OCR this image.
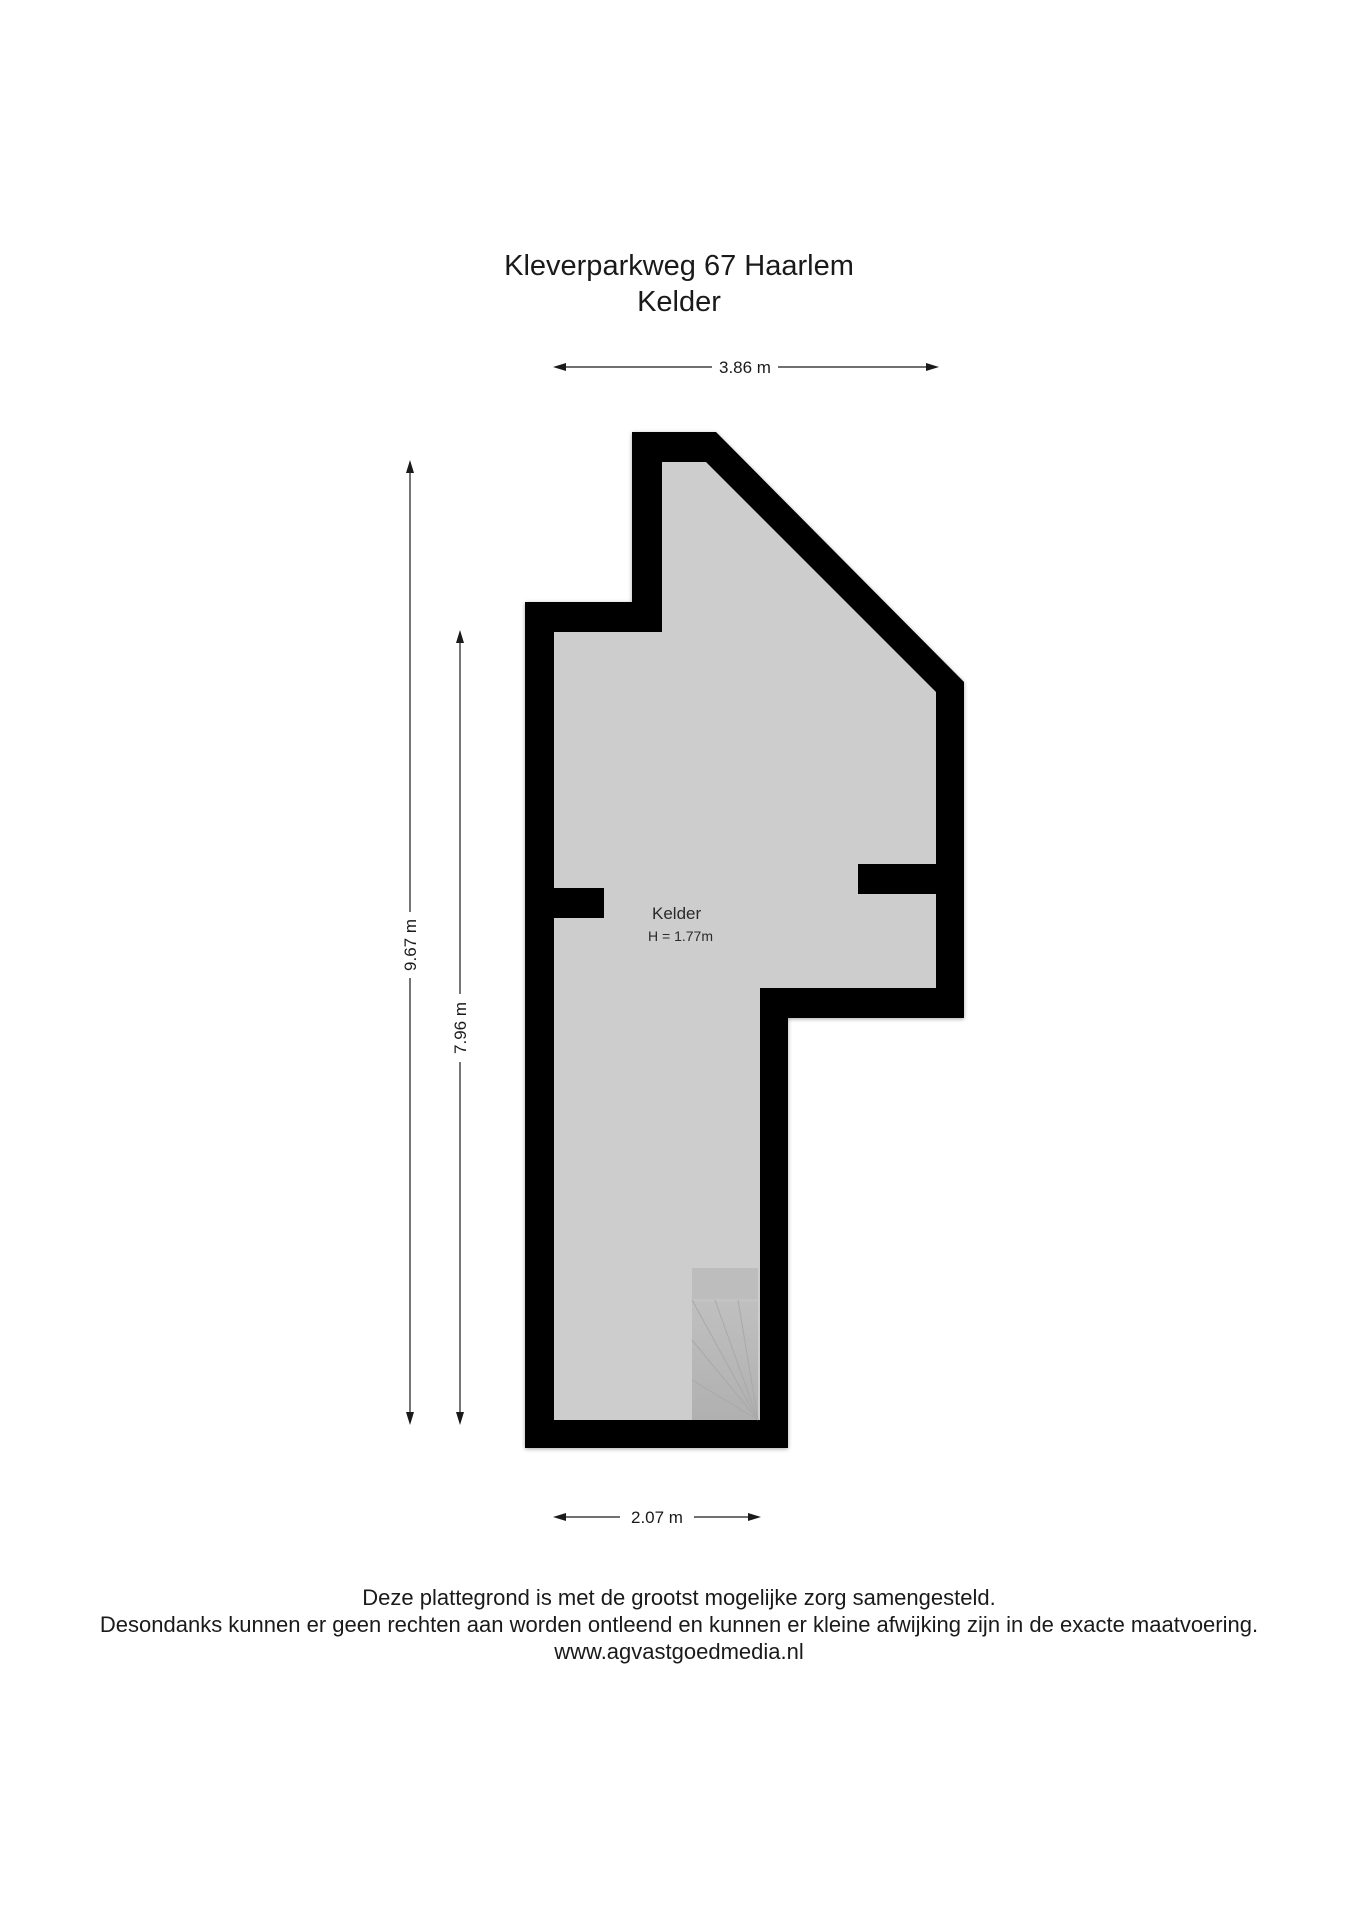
Kleverparkweg 67 Haarlem
Kelder
Kelder
H = 1.77m
3.86 m
2.07 m
9.67 m
7.96 m
Deze plattegrond is met de grootst mogelijke zorg samengesteld.
Desondanks kunnen er geen rechten aan worden ontleend en kunnen er kleine afwijking zijn in de exacte maatvoering.
www.agvastgoedmedia.nl
